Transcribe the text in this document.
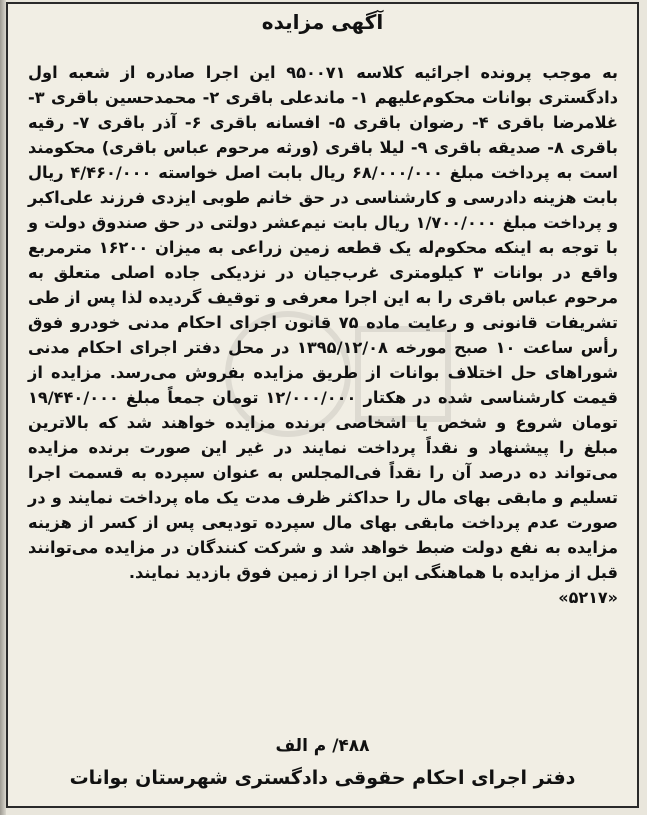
آگهی مزایده
به موجب پرونده اجرائیه کلاسه ۹۵۰۰۷۱ این اجرا صادره از شعبه اول دادگستری بوانات محکوم‌علیهم ۱- ماندعلی باقری ۲- محمدحسین باقری ۳- غلامرضا باقری ۴- رضوان باقری ۵- افسانه باقری ۶- آذر باقری ۷- رقیه باقری ۸- صدیقه باقری ۹- لیلا باقری (ورثه مرحوم عباس باقری) محکومند است به پرداخت مبلغ ۶۸/۰۰۰/۰۰۰ ریال بابت اصل خواسته ۴/۴۶۰/۰۰۰ ریال بابت هزینه دادرسی و کارشناسی در حق خانم طوبی ایزدی فرزند علی‌اکبر و پرداخت مبلغ ۱/۷۰۰/۰۰۰ ریال بابت نیم‌عشر دولتی در حق صندوق دولت و با توجه به اینکه محکوم‌له یک قطعه زمین زراعی به میزان ۱۶۲۰۰ مترمربع واقع در بوانات ۳ کیلومتری غرب‌جیان در نزدیکی جاده اصلی متعلق به مرحوم عباس باقری را به این اجرا معرفی و توقیف گردیده لذا پس از طی تشریفات قانونی و رعایت ماده ۷۵ قانون اجرای احکام مدنی خودرو فوق رأس ساعت ۱۰ صبح مورخه ۱۳۹۵/۱۲/۰۸ در محل دفتر اجرای احکام مدنی شوراهای حل اختلاف بوانات از طریق مزایده بفروش می‌رسد. مزایده از قیمت کارشناسی شده در هکتار ۱۲/۰۰۰/۰۰۰ تومان جمعاً مبلغ ۱۹/۴۴۰/۰۰۰ تومان شروع و شخص یا اشخاصی برنده مزایده خواهند شد که بالاترین مبلغ را پیشنهاد و نقداً پرداخت نمایند در غیر این صورت برنده مزایده می‌تواند ده درصد آن را نقداً فی‌المجلس به عنوان سپرده به قسمت اجرا تسلیم و مابقی بهای مال را حداکثر ظرف مدت یک ماه پرداخت نمایند و در صورت عدم پرداخت مابقی بهای مال سپرده تودیعی پس از کسر از هزینه مزایده به نفع دولت ضبط خواهد شد و شرکت کنندگان در مزایده می‌توانند قبل از مزایده با هماهنگی این اجرا از زمین فوق بازدید نمایند.
«۵۲۱۷»
۴۸۸/ م الف
دفتر اجرای احکام حقوقی دادگستری شهرستان بوانات
